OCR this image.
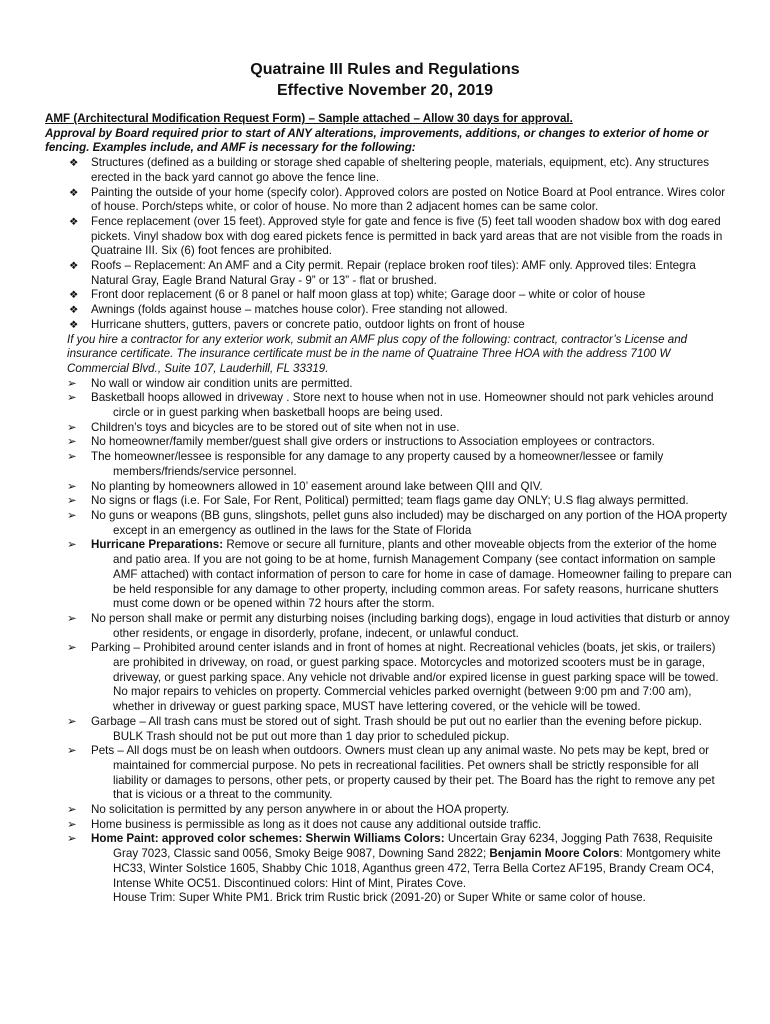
Quatraine III Rules and Regulations
Effective November 20, 2019

AMF (Architectural Modification Request Form) – Sample attached – Allow 30 days for approval.

Approval by Board required prior to start of ANY alterations, improvements, additions, or changes to exterior of home or fencing. Examples include, and AMF is necessary for the following:

❖ Structures (defined as a building or storage shed capable of sheltering people, materials, equipment, etc). Any structures erected in the back yard cannot go above the fence line.
❖ Painting the outside of your home (specify color). Approved colors are posted on Notice Board at Pool entrance. Wires color of house. Porch/steps white, or color of house. No more than 2 adjacent homes can be same color.
❖ Fence replacement (over 15 feet). Approved style for gate and fence is five (5) feet tall wooden shadow box with dog eared pickets. Vinyl shadow box with dog eared pickets fence is permitted in back yard areas that are not visible from the roads in Quatraine III. Six (6) foot fences are prohibited.
❖ Roofs – Replacement: An AMF and a City permit. Repair (replace broken roof tiles): AMF only. Approved tiles: Entegra Natural Gray, Eagle Brand Natural Gray - 9” or 13” - flat or brushed.
❖ Front door replacement (6 or 8 panel or half moon glass at top) white; Garage door – white or color of house
❖ Awnings (folds against house – matches house color). Free standing not allowed.
❖ Hurricane shutters, gutters, pavers or concrete patio, outdoor lights on front of house

If you hire a contractor for any exterior work, submit an AMF plus copy of the following: contract, contractor’s License and insurance certificate. The insurance certificate must be in the name of Quatraine Three HOA with the address 7100 W Commercial Blvd., Suite 107, Lauderhill, FL 33319.

➢ No wall or window air condition units are permitted.
➢ Basketball hoops allowed in driveway . Store next to house when not in use. Homeowner should not park vehicles around circle or in guest parking when basketball hoops are being used.
➢ Children’s toys and bicycles are to be stored out of site when not in use.
➢ No homeowner/family member/guest shall give orders or instructions to Association employees or contractors.
➢ The homeowner/lessee is responsible for any damage to any property caused by a homeowner/lessee or family members/friends/service personnel.
➢ No planting by homeowners allowed in 10’ easement around lake between QIII and QIV.
➢ No signs or flags (i.e. For Sale, For Rent, Political) permitted; team flags game day ONLY; U.S flag always permitted.
➢ No guns or weapons (BB guns, slingshots, pellet guns also included) may be discharged on any portion of the HOA property except in an emergency as outlined in the laws for the State of Florida
➢ Hurricane Preparations: Remove or secure all furniture, plants and other moveable objects from the exterior of the home and patio area. If you are not going to be at home, furnish Management Company (see contact information on sample AMF attached) with contact information of person to care for home in case of damage. Homeowner failing to prepare can be held responsible for any damage to other property, including common areas. For safety reasons, hurricane shutters must come down or be opened within 72 hours after the storm.
➢ No person shall make or permit any disturbing noises (including barking dogs), engage in loud activities that disturb or annoy other residents, or engage in disorderly, profane, indecent, or unlawful conduct.
➢ Parking – Prohibited around center islands and in front of homes at night. Recreational vehicles (boats, jet skis, or trailers) are prohibited in driveway, on road, or guest parking space. Motorcycles and motorized scooters must be in garage, driveway, or guest parking space. Any vehicle not drivable and/or expired license in guest parking space will be towed. No major repairs to vehicles on property. Commercial vehicles parked overnight (between 9:00 pm and 7:00 am), whether in driveway or guest parking space, MUST have lettering covered, or the vehicle will be towed.
➢ Garbage – All trash cans must be stored out of sight. Trash should be put out no earlier than the evening before pickup. BULK Trash should not be put out more than 1 day prior to scheduled pickup.
➢ Pets – All dogs must be on leash when outdoors. Owners must clean up any animal waste. No pets may be kept, bred or maintained for commercial purpose. No pets in recreational facilities. Pet owners shall be strictly responsible for all liability or damages to persons, other pets, or property caused by their pet. The Board has the right to remove any pet that is vicious or a threat to the community.
➢ No solicitation is permitted by any person anywhere in or about the HOA property.
➢ Home business is permissible as long as it does not cause any additional outside traffic.
➢ Home Paint: approved color schemes: Sherwin Williams Colors: Uncertain Gray 6234, Jogging Path 7638, Requisite Gray 7023, Classic sand 0056, Smoky Beige 9087, Downing Sand 2822; Benjamin Moore Colors: Montgomery white HC33, Winter Solstice 1605, Shabby Chic 1018, Aganthus green 472, Terra Bella Cortez AF195, Brandy Cream OC4, Intense White OC51. Discontinued colors: Hint of Mint, Pirates Cove.
House Trim: Super White PM1. Brick trim Rustic brick (2091-20) or Super White or same color of house.
